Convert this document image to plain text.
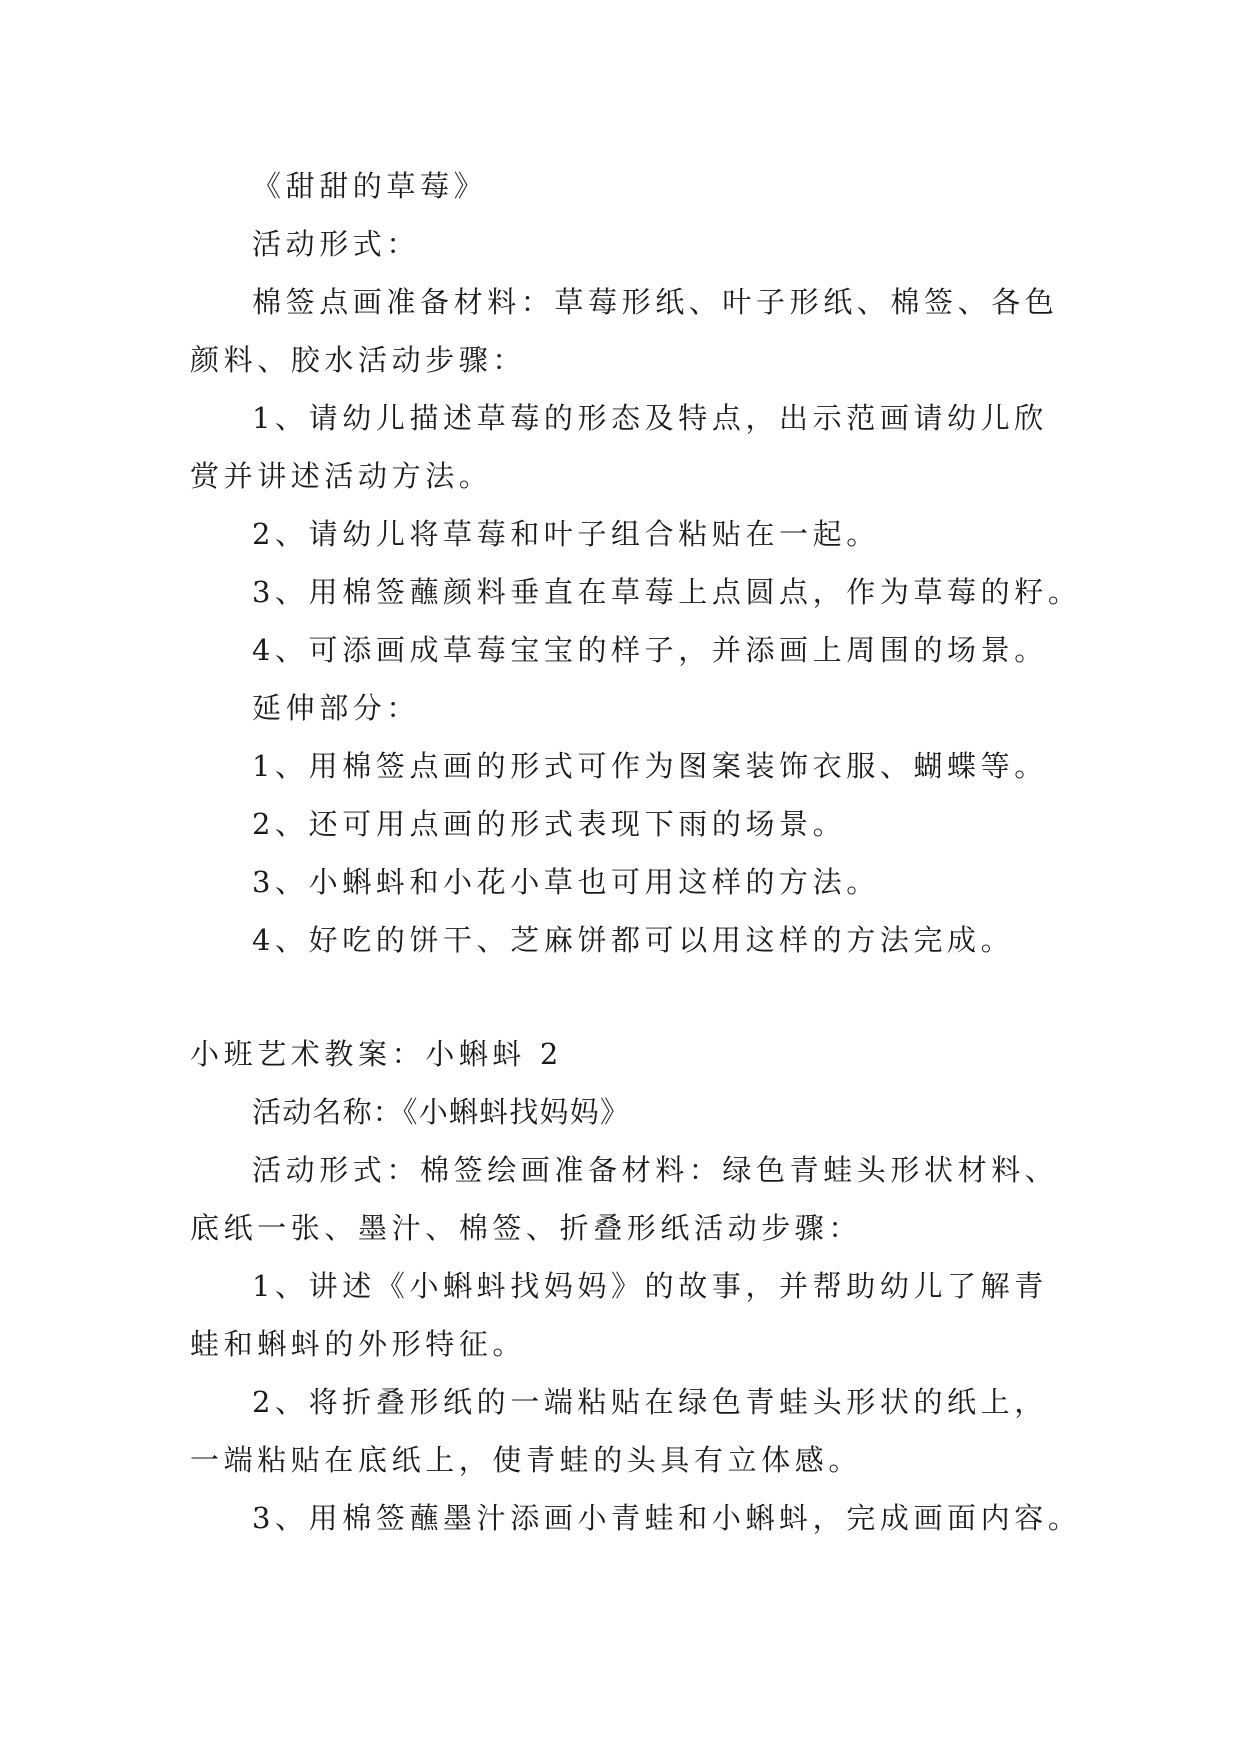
《甜甜的草莓》
活动形式：
棉签点画准备材料：草莓形纸、叶子形纸、棉签、各色
颜料、胶水活动步骤：
1、请幼儿描述草莓的形态及特点，出示范画请幼儿欣
赏并讲述活动方法。
2、请幼儿将草莓和叶子组合粘贴在一起。
3、用棉签蘸颜料垂直在草莓上点圆点，作为草莓的籽。
4、可添画成草莓宝宝的样子，并添画上周围的场景。
延伸部分：
1、用棉签点画的形式可作为图案装饰衣服、蝴蝶等。
2、还可用点画的形式表现下雨的场景。
3、小蝌蚪和小花小草也可用这样的方法。
4、好吃的饼干、芝麻饼都可以用这样的方法完成。
小班艺术教案：小蝌蚪 2
活动名称：《小蝌蚪找妈妈》
活动形式：棉签绘画准备材料：绿色青蛙头形状材料、
底纸一张、墨汁、棉签、折叠形纸活动步骤：
1、讲述《小蝌蚪找妈妈》的故事，并帮助幼儿了解青
蛙和蝌蚪的外形特征。
2、将折叠形纸的一端粘贴在绿色青蛙头形状的纸上，
一端粘贴在底纸上，使青蛙的头具有立体感。
3、用棉签蘸墨汁添画小青蛙和小蝌蚪，完成画面内容。
